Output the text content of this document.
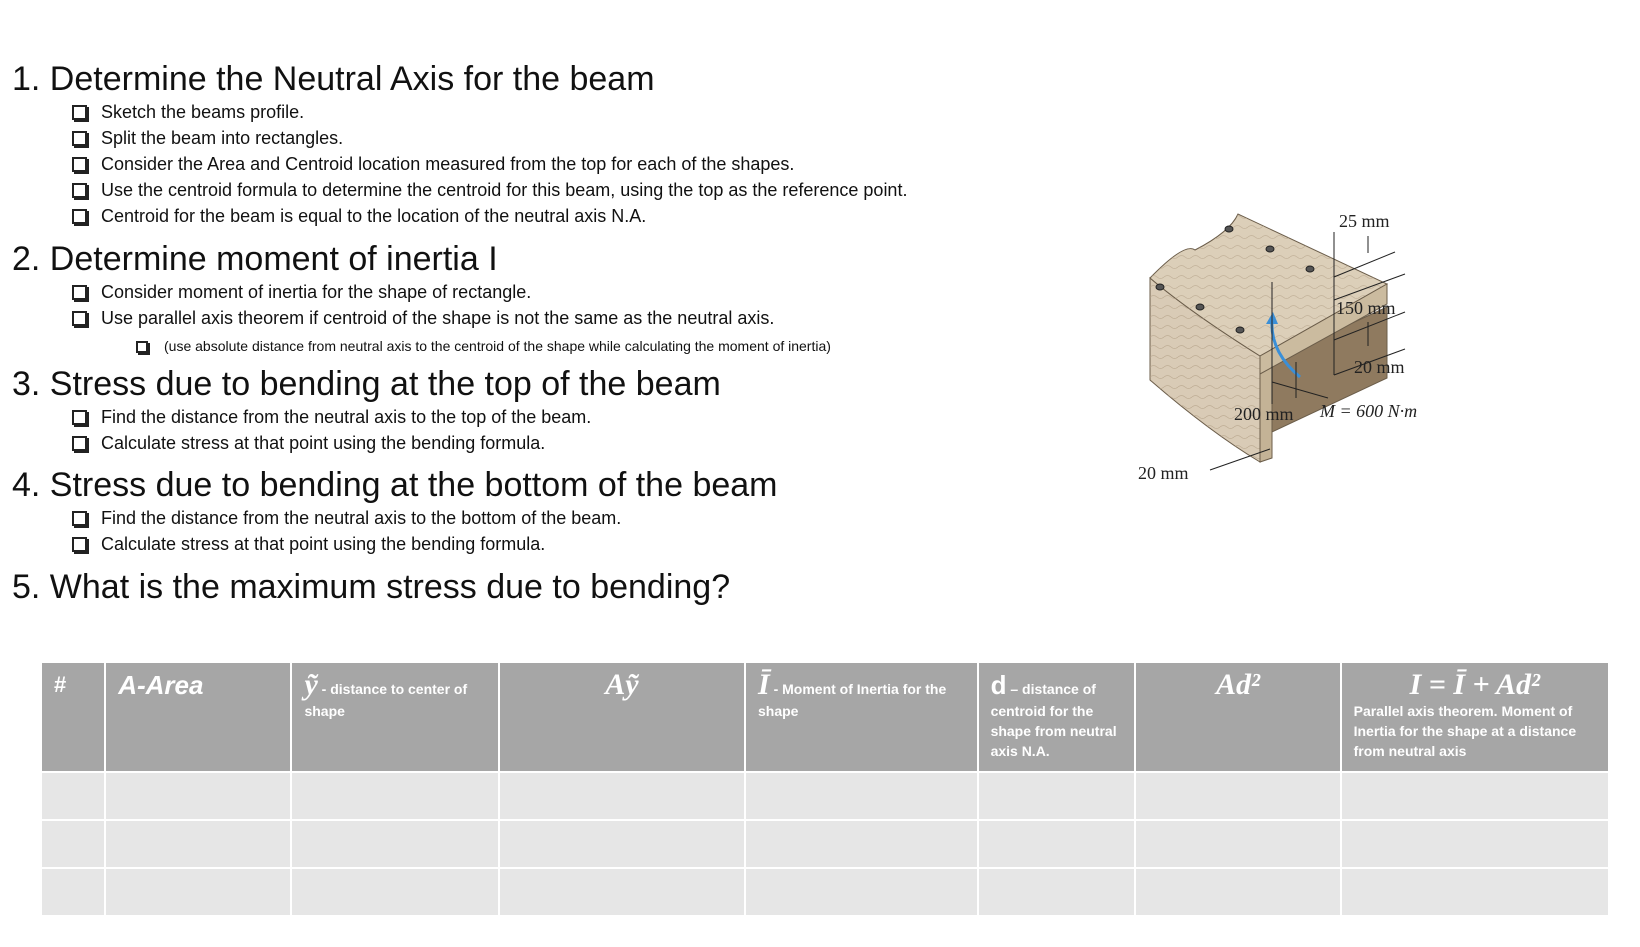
1. Determine the Neutral Axis for the beam
Sketch the beams profile.
Split the beam into rectangles.
Consider the Area and Centroid location measured from the top for each of the shapes.
Use the centroid formula to determine the centroid for this beam, using the top as the reference point.
Centroid for the beam is equal to the location of the neutral axis N.A.
2. Determine moment of inertia I
Consider moment of inertia for the shape of rectangle.
Use parallel axis theorem if centroid of the shape is not the same as the neutral axis.
(use absolute distance from neutral axis to the centroid of the shape while calculating the moment of inertia)
3. Stress due to bending at the top of the beam
Find the distance from the neutral axis to the top of the beam.
Calculate stress at that point using the bending formula.
4. Stress due to bending at the bottom of the beam
Find the distance from the neutral axis to the bottom of the beam.
Calculate stress at that point using the bending formula.
5. What is the maximum stress due to bending?
25 mm
150 mm
20 mm
200 mm M = 600 N·m
20 mm
#	A-Area	ỹ - distance to center of shape	Aỹ	Ī - Moment of Inertia for the shape	d – distance of centroid for the shape from neutral axis N.A.	Ad²	I = Ī + Ad²
Parallel axis theorem. Moment of Inertia for the shape at a distance from neutral axis
